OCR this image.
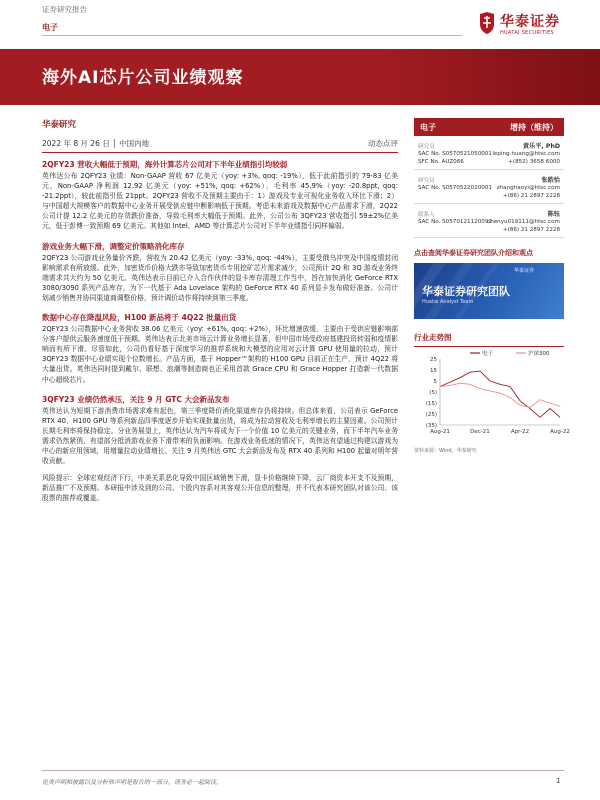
证券研究报告
电子	华泰证券
HUATAI SECURITIES
海外AI芯片公司业绩观察
华泰研究
2022 年 8 月 26 日 │ 中国内地	动态点评
2QFY23 营收大幅低于预期，海外计算芯片公司对下半年业绩指引均较弱
英伟达公布 2QFY23 业绩：Non-GAAP 营收 67 亿美元（yoy: +3%, qoq: -19%），低于此前指引的 79-83 亿美元，Non-GAAP 净利润 12.92 亿美元（yoy: +51%, qoq: +62%），毛利率 45.9%（yoy: -20.8ppt, qoq: -21.2ppt），较此前指引低 21ppt。2QFY23 营收不及预期主要由于：1）游戏及专业可视化业务收入环比下滑；2）与中国超大规模客户的数据中心业务开展受供应链中断影响低于预期。考虑未来游戏及数据中心产品需求下滑，2Q22 公司计提 12.2 亿美元的存货跌价准备，导致毛利率大幅低于预期。此外，公司公布 3QFY23 营收指引 59±2%亿美元，低于彭博一致预期 69 亿美元。其他如 Intel、AMD 等计算芯片公司对下半年业绩指引同样偏弱。
游戏业务大幅下滑，调整定价策略消化库存
2QFY23 公司游戏业务量价齐跌，营收为 20.42 亿美元（yoy: -33%, qoq: -44%），主要受俄乌冲突及中国疫情封闭影响需求有所放缓。此外，加密货币价格大跌亦导致加密货币专用挖矿芯片需求减少，公司预计 2Q 和 3Q 游戏业务终端需求共大约为 50 亿美元。英伟达表示目前已介入合作伙伴的显卡库存清理工作当中，旨在加快消化 GeForce RTX 3080/3090 系列产品库存，为下一代基于 Ada Lovelace 架构的 GeForce RTX 40 系列显卡发布做好准备。公司计划减少销售并协同渠道商调整价格，预计调价动作将持续到第三季度。
数据中心存在降温风险，H100 新品将于 4Q22 批量出货
2QFY23 公司数据中心业务营收 38.06 亿美元（yoy: +61%, qoq: +2%），环比增速放缓，主要由于受供应链影响部分客户提供云服务速度低于预期。英伟达表示北美市场云计算业务增长显著，但中国市场受政府基建投资转弱和疫情影响而有所下滑。尽管如此，公司仍看好基于深度学习的推荐系统和大模型的应用对云计算 GPU 使用量的拉动，预计 3QFY23 数据中心业绩实现个位数增长。产品方面，基于 Hopper™架构的 H100 GPU 目前正在生产，预计 4Q22 将大量出货。英伟达同时提到戴尔、联想、浪潮等制造商也正采用首款 Grace CPU 和 Grace Hopper 打造新一代数据中心超级芯片。
3QFY23 业绩仍然承压，关注 9 月 GTC 大会新品发布
英伟达认为短期下游消费市场需求难有起色，第三季度降价消化渠道库存仍将持续。但总体来看，公司表示 GeForce RTX 40、H100 GPU 等系列新品四季度逐步开始实现批量出货，将成为拉动营收及毛利率增长的主要因素。公司预计长期毛利率将保持稳定。分业务展望上，英伟达认为汽车将成为下一个价值 10 亿美元的关键业务，而下半年汽车业务需求仍然紧俏，有望部分抵消游戏业务下滑带来的负面影响。在游戏业务低迷的情况下，英伟达有望通过构建以游戏为中心的新应用领域，用增量拉动业绩增长。关注 9 月英伟达 GTC 大会新品发布及 RTX 40 系列和 H100 起量对明年营收贡献。
风险提示：全球宏观经济下行，中美关系恶化导致中国区域销售下滑，显卡价格继续下降，云厂商资本开支不及预期，新品推广不及预期。本研报中涉及到的公司、个股内容系对其客观公开信息的整理，并不代表本研究团队对该公司、该股票的推荐或覆盖。
电子	增持（维持）
研究员	黄乐平, PhD
SAC No. S0570521050001 leping.huang@htsc.com
SFC No. AUZ066	+(852) 3658 6000
研究员	张皓怡
SAC No. S0570522020001 zhanghaoyi@htsc.com
+(86) 21 2897 2228
联系人	陈钰
SAC No. S0570121120092
chenyu019111@htsc.com
+(86) 21 2897 2228
点击查阅华泰证券研究团队介绍和观点
华泰证券
华泰证券研究团队
Huatai Analyst Team
行业走势图
25
15
5
(5)
(15)
(25)
(35)
Aug-21	Dec-21	Apr-22	Aug-22
电子	沪深300
资料来源：Wind，华泰研究
免责声明和披露以及分析师声明是报告的一部分，请务必一起阅读。	1
